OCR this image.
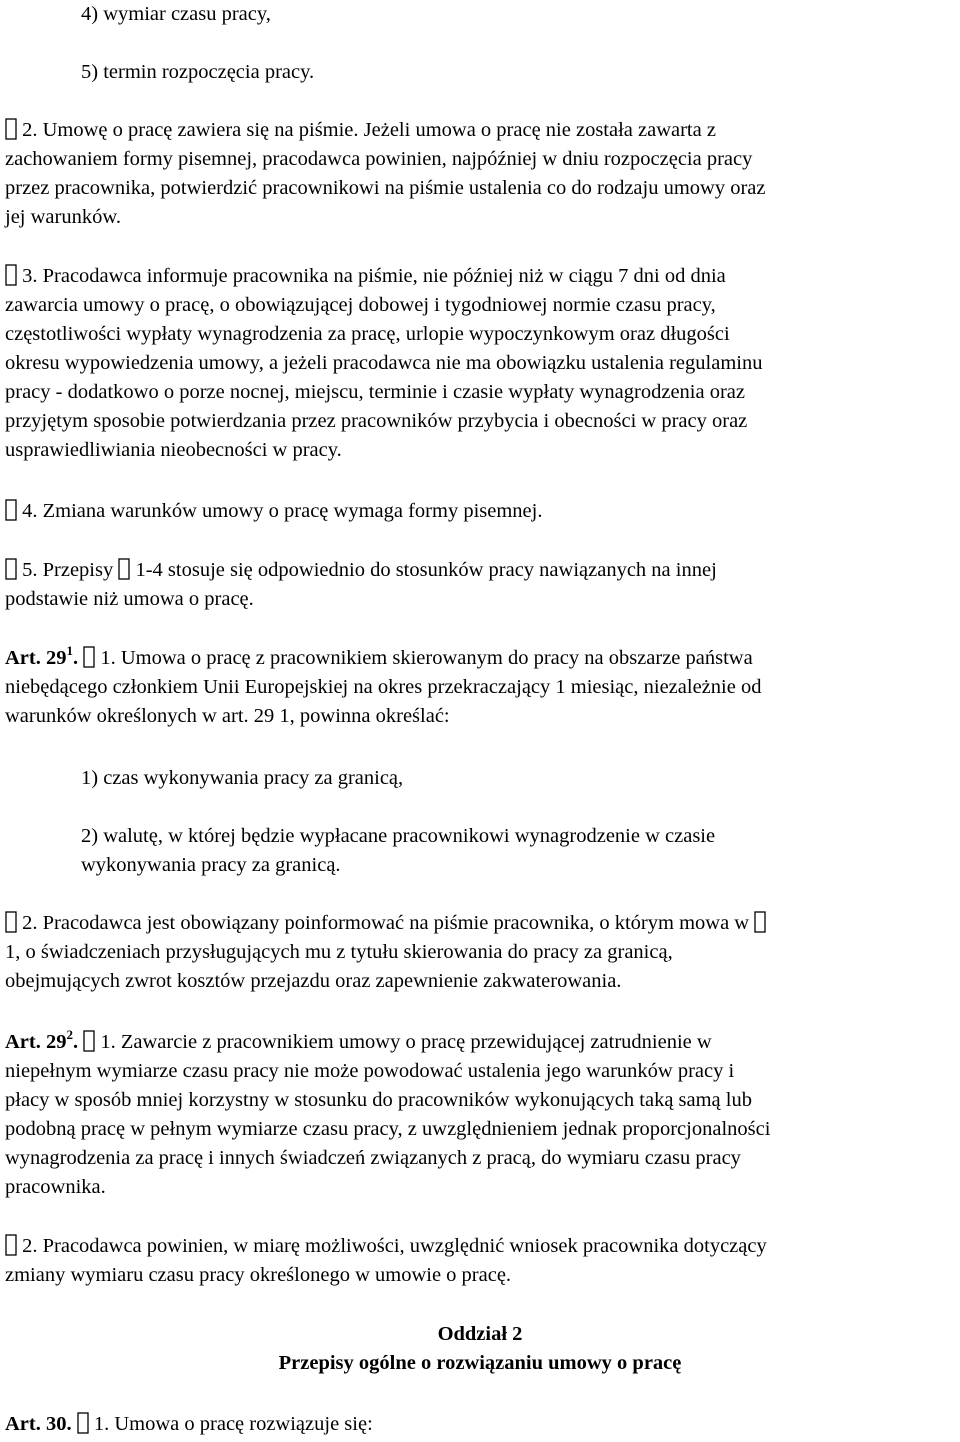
4) wymiar czasu pracy,
5) termin rozpoczęcia pracy.
2. Umowę o pracę zawiera się na piśmie. Jeżeli umowa o pracę nie została zawarta z
zachowaniem formy pisemnej, pracodawca powinien, najpóźniej w dniu rozpoczęcia pracy
przez pracownika, potwierdzić pracownikowi na piśmie ustalenia co do rodzaju umowy oraz
jej warunków.
3. Pracodawca informuje pracownika na piśmie, nie później niż w ciągu 7 dni od dnia
zawarcia umowy o pracę, o obowiązującej dobowej i tygodniowej normie czasu pracy,
częstotliwości wypłaty wynagrodzenia za pracę, urlopie wypoczynkowym oraz długości
okresu wypowiedzenia umowy, a jeżeli pracodawca nie ma obowiązku ustalenia regulaminu
pracy - dodatkowo o porze nocnej, miejscu, terminie i czasie wypłaty wynagrodzenia oraz
przyjętym sposobie potwierdzania przez pracowników przybycia i obecności w pracy oraz
usprawiedliwiania nieobecności w pracy.
4. Zmiana warunków umowy o pracę wymaga formy pisemnej.
5. Przepisy 1-4 stosuje się odpowiednio do stosunków pracy nawiązanych na innej
podstawie niż umowa o pracę.
Art. $29^1$. 1. Umowa o pracę z pracownikiem skierowanym do pracy na obszarze państwa
niebędącego członkiem Unii Europejskiej na okres przekraczający 1 miesiąc, niezależnie od
warunków określonych w art. 29 1, powinna określać:
1) czas wykonywania pracy za granicą,
2) walutę, w której będzie wypłacane pracownikowi wynagrodzenie w czasie
wykonywania pracy za granicą.
2. Pracodawca jest obowiązany poinformować na piśmie pracownika, o którym mowa w
1, o świadczeniach przysługujących mu z tytułu skierowania do pracy za granicą,
obejmujących zwrot kosztów przejazdu oraz zapewnienie zakwaterowania.
Art. $29^2$. 1. Zawarcie z pracownikiem umowy o pracę przewidującej zatrudnienie w
niepełnym wymiarze czasu pracy nie może powodować ustalenia jego warunków pracy i
płacy w sposób mniej korzystny w stosunku do pracowników wykonujących taką samą lub
podobną pracę w pełnym wymiarze czasu pracy, z uwzględnieniem jednak proporcjonalności
wynagrodzenia za pracę i innych świadczeń związanych z pracą, do wymiaru czasu pracy
pracownika.
2. Pracodawca powinien, w miarę możliwości, uwzględnić wniosek pracownika dotyczący
zmiany wymiaru czasu pracy określonego w umowie o pracę.
Oddział 2
Przepisy ogólne o rozwiązaniu umowy o pracę
Art. 30. 1. Umowa o pracę rozwiązuje się:
